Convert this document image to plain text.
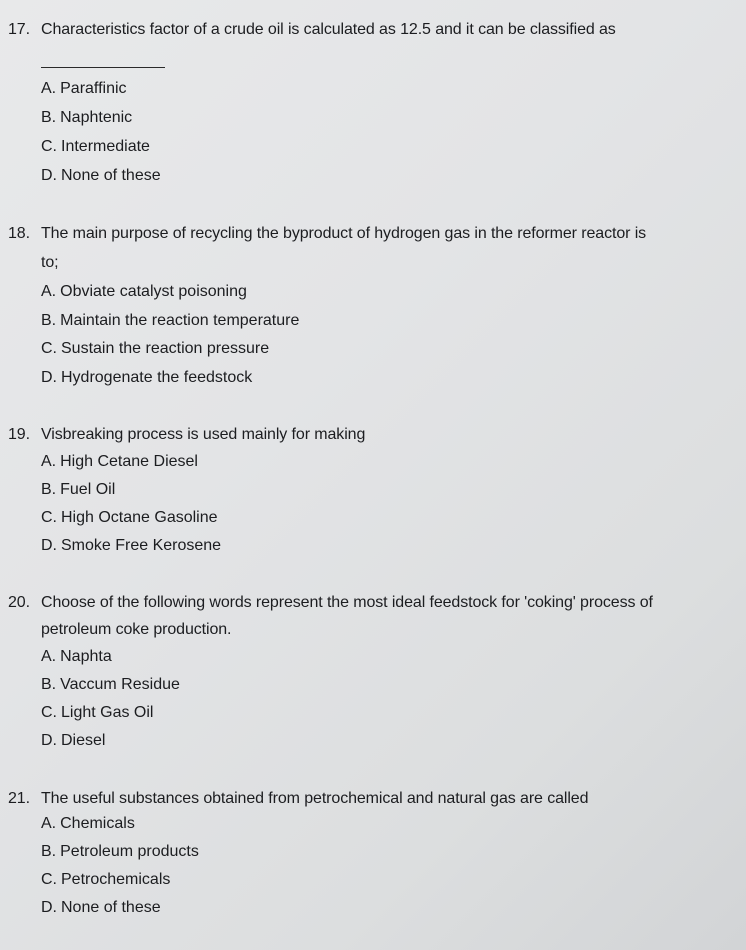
17. Characteristics factor of a crude oil is calculated as 12.5 and it can be classified as
A. Paraffinic
B. Naphtenic
C. Intermediate
D. None of these
18. The main purpose of recycling the byproduct of hydrogen gas in the reformer reactor is
to;
A. Obviate catalyst poisoning
B. Maintain the reaction temperature
C. Sustain the reaction pressure
D. Hydrogenate the feedstock
19. Visbreaking process is used mainly for making
A. High Cetane Diesel
B. Fuel Oil
C. High Octane Gasoline
D. Smoke Free Kerosene
20. Choose of the following words represent the most ideal feedstock for 'coking' process of
petroleum coke production.
A. Naphta
B. Vaccum Residue
C. Light Gas Oil
D. Diesel
21. The useful substances obtained from petrochemical and natural gas are called
A. Chemicals
B. Petroleum products
C. Petrochemicals
D. None of these
